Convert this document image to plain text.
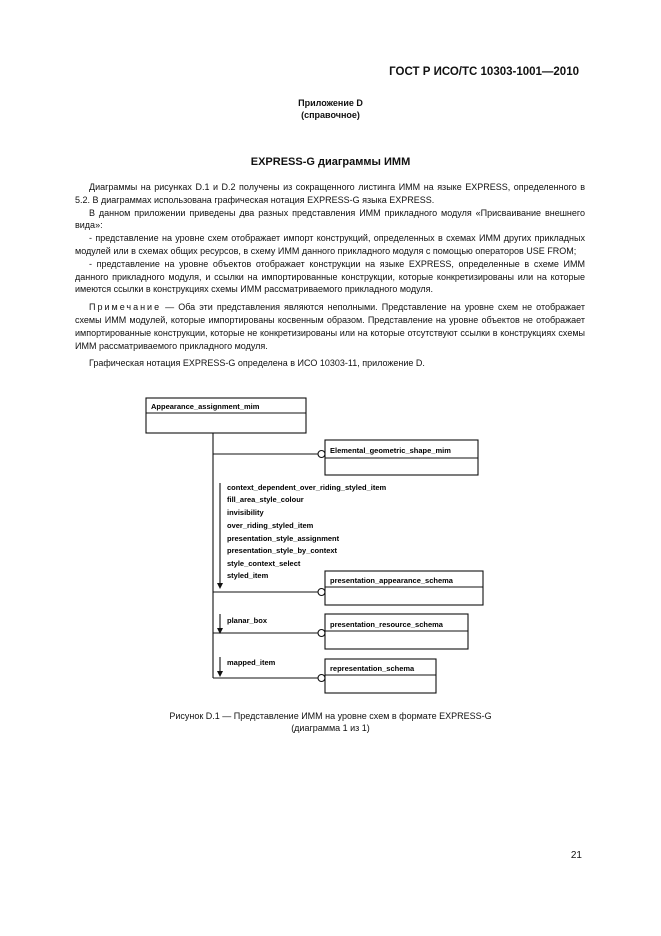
ГОСТ Р ИСО/ТС 10303-1001—2010
Приложение D
(справочное)
EXPRESS-G диаграммы ИММ

Диаграммы на рисунках D.1 и D.2 получены из сокращенного листинга ИММ на языке EXPRESS, определенного в 5.2. В диаграммах использована графическая нотация EXPRESS-G языка EXPRESS.

В данном приложении приведены два разных представления ИММ прикладного модуля «Присваивание внешнего вида»:

- представление на уровне схем отображает импорт конструкций, определенных в схемах ИММ других прикладных модулей или в схемах общих ресурсов, в схему ИММ данного прикладного модуля с помощью операторов USE FROM;

- представление на уровне объектов отображает конструкции на языке EXPRESS, определенные в схеме ИММ данного прикладного модуля, и ссылки на импортированные конструкции, которые конкретизированы или на которые имеются ссылки в конструкциях схемы ИММ рассматриваемого прикладного модуля.

Примечание — Оба эти представления являются неполными. Представление на уровне схем не отображает схемы ИММ модулей, которые импортированы косвенным образом. Представление на уровне объектов не отображает импортированные конструкции, которые не конкретизированы или на которые отсутствуют ссылки в конструкциях схемы ИММ рассматриваемого прикладного модуля.

Графическая нотация EXPRESS-G определена в ИСО 10303-11, приложение D.

Appearance_assignment_mim
Elemental_geometric_shape_mim
presentation_appearance_schema
presentation_resource_schema
representation_schema
context_dependent_over_riding_styled_item
fill_area_style_colour
invisibility
over_riding_styled_item
presentation_style_assignment
presentation_style_by_context
style_context_select
styled_item
planar_box
mapped_item
Рисунок D.1 — Представление ИММ на уровне схем в формате EXPRESS-G
(диаграмма 1 из 1)
21
